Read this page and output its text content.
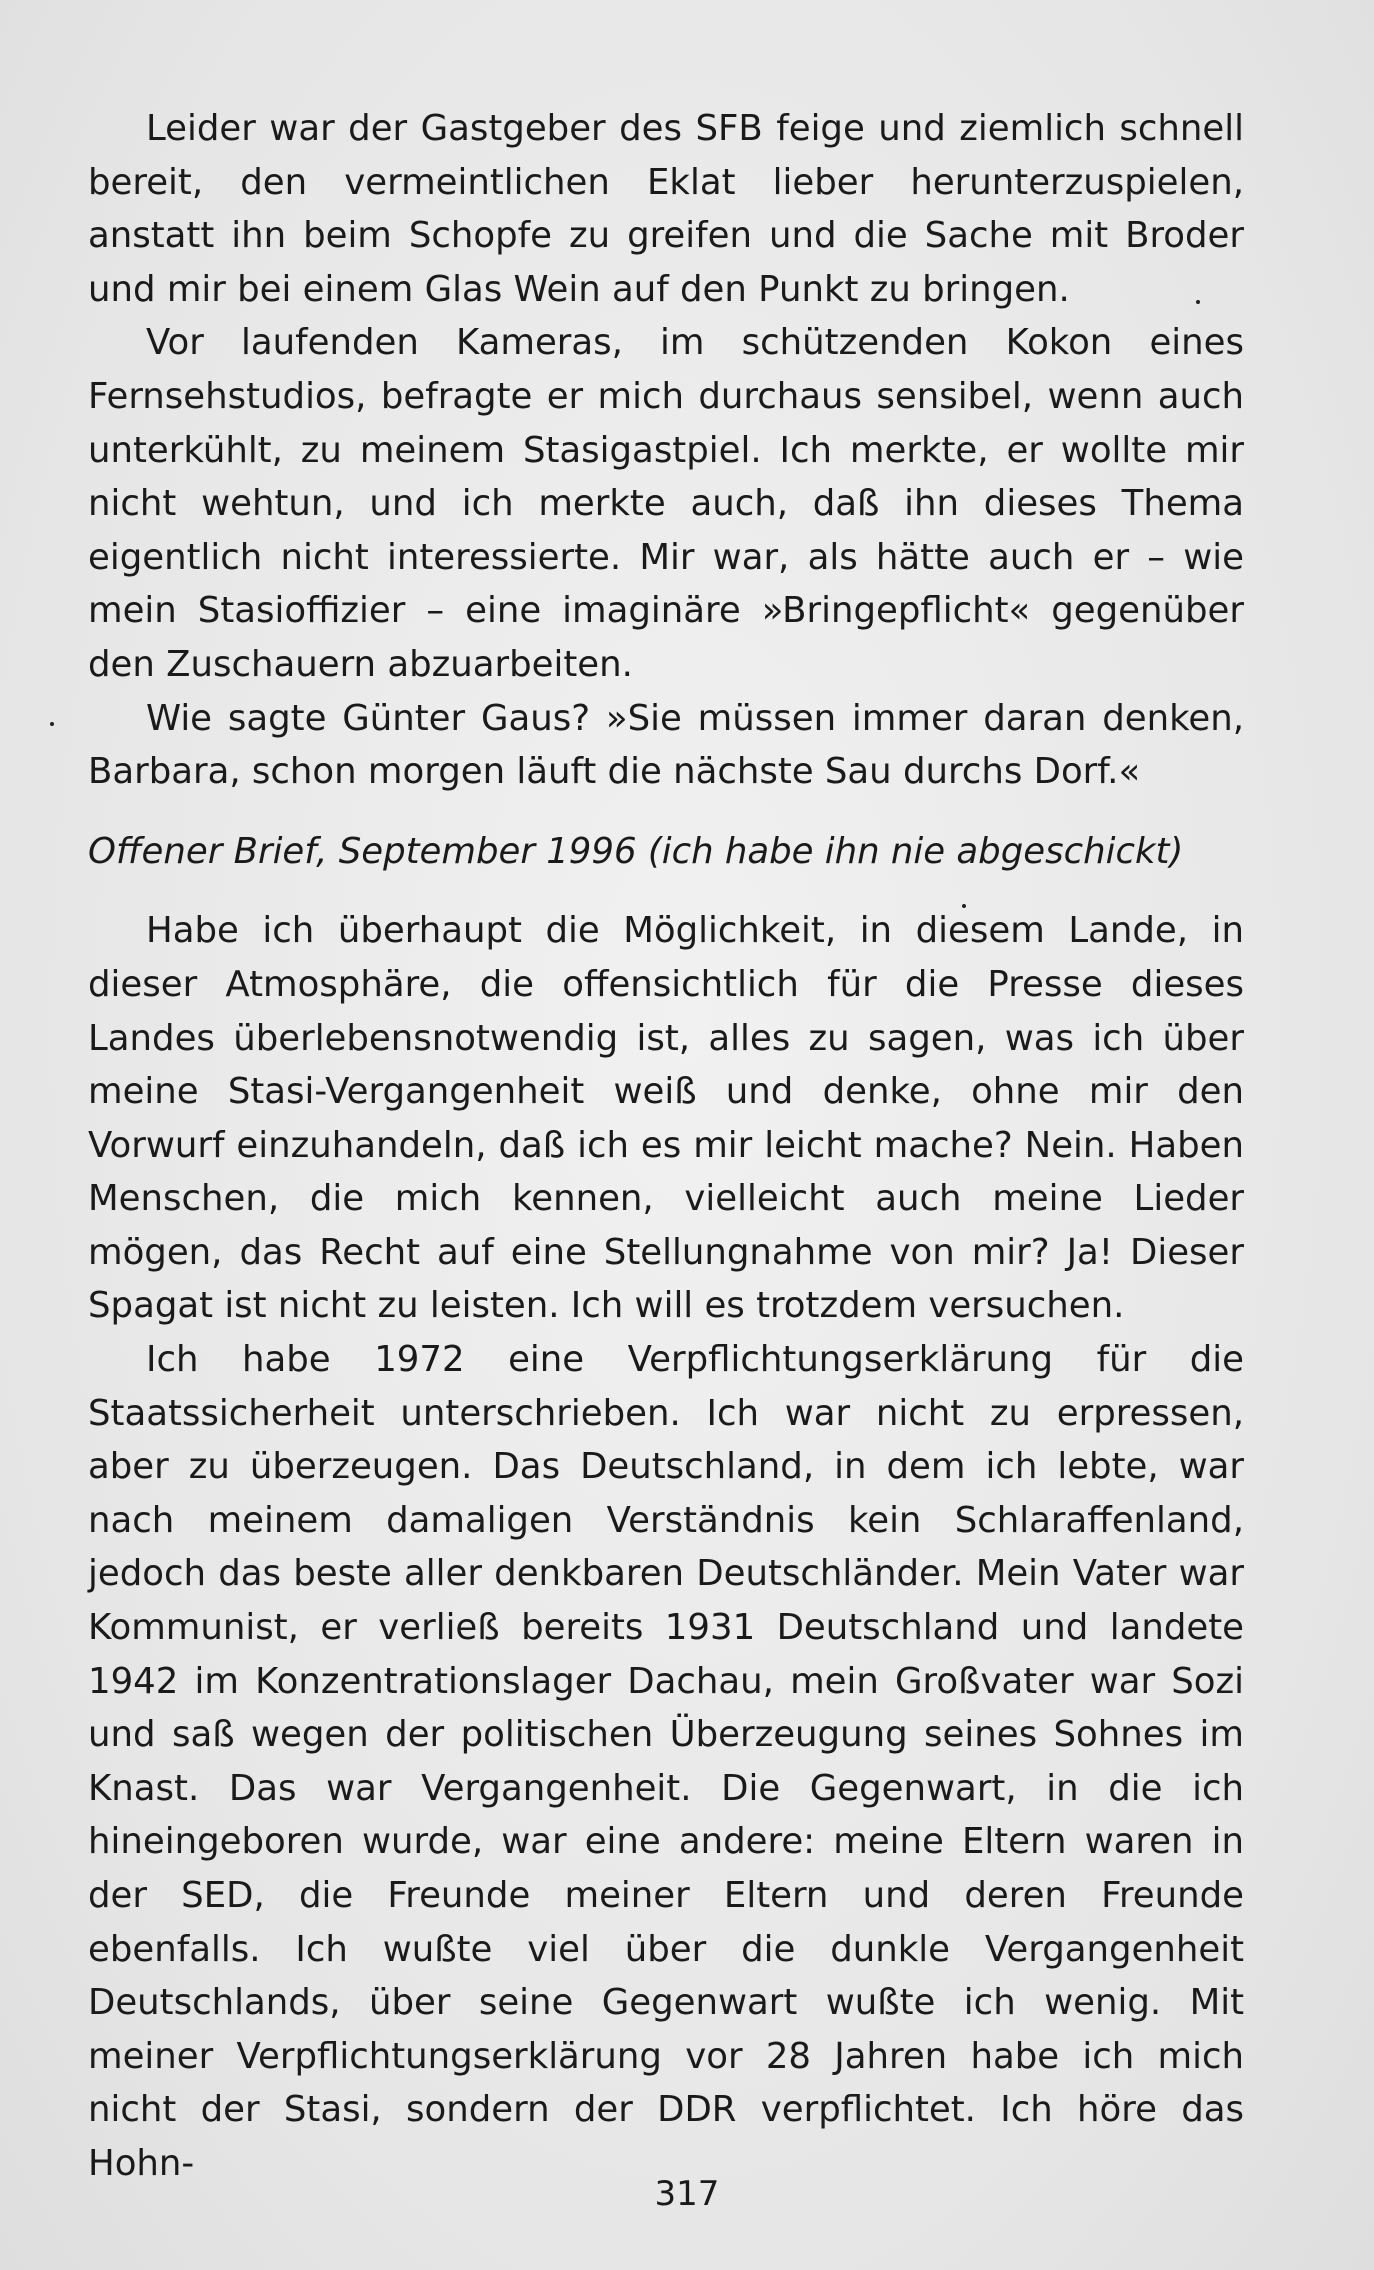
Leider war der Gastgeber des SFB feige und ziemlich schnell bereit, den vermeintlichen Eklat lieber herunterzuspielen, anstatt ihn beim Schopfe zu greifen und die Sache mit Broder und mir bei einem Glas Wein auf den Punkt zu bringen.

Vor laufenden Kameras, im schützenden Kokon eines Fernsehstudios, befragte er mich durchaus sensibel, wenn auch unterkühlt, zu meinem Stasigastpiel. Ich merkte, er wollte mir nicht wehtun, und ich merkte auch, daß ihn dieses Thema eigentlich nicht interessierte. Mir war, als hätte auch er – wie mein Stasioffizier – eine imaginäre »Bringepflicht« gegenüber den Zuschauern abzuarbeiten.

Wie sagte Günter Gaus? »Sie müssen immer daran denken, Barbara, schon morgen läuft die nächste Sau durchs Dorf.«

Offener Brief, September 1996 (ich habe ihn nie abgeschickt)

Habe ich überhaupt die Möglichkeit, in diesem Lande, in dieser Atmosphäre, die offensichtlich für die Presse dieses Landes überlebensnotwendig ist, alles zu sagen, was ich über meine Stasi-Vergangenheit weiß und denke, ohne mir den Vorwurf einzuhandeln, daß ich es mir leicht mache? Nein. Haben Menschen, die mich kennen, vielleicht auch meine Lieder mögen, das Recht auf eine Stellungnahme von mir? Ja! Dieser Spagat ist nicht zu leisten. Ich will es trotzdem versuchen.

Ich habe 1972 eine Verpflichtungserklärung für die Staatssicherheit unterschrieben. Ich war nicht zu erpressen, aber zu überzeugen. Das Deutschland, in dem ich lebte, war nach meinem damaligen Verständnis kein Schlaraffenland, jedoch das beste aller denkbaren Deutschländer. Mein Vater war Kommunist, er verließ bereits 1931 Deutschland und landete 1942 im Konzentrationslager Dachau, mein Großvater war Sozi und saß wegen der politischen Überzeugung seines Sohnes im Knast. Das war Vergangenheit. Die Gegenwart, in die ich hineingeboren wurde, war eine andere: meine Eltern waren in der SED, die Freunde meiner Eltern und deren Freunde ebenfalls. Ich wußte viel über die dunkle Vergangenheit Deutschlands, über seine Gegenwart wußte ich wenig. Mit meiner Verpflichtungserklärung vor 28 Jahren habe ich mich nicht der Stasi, sondern der DDR verpflichtet. Ich höre das Hohn-

317
